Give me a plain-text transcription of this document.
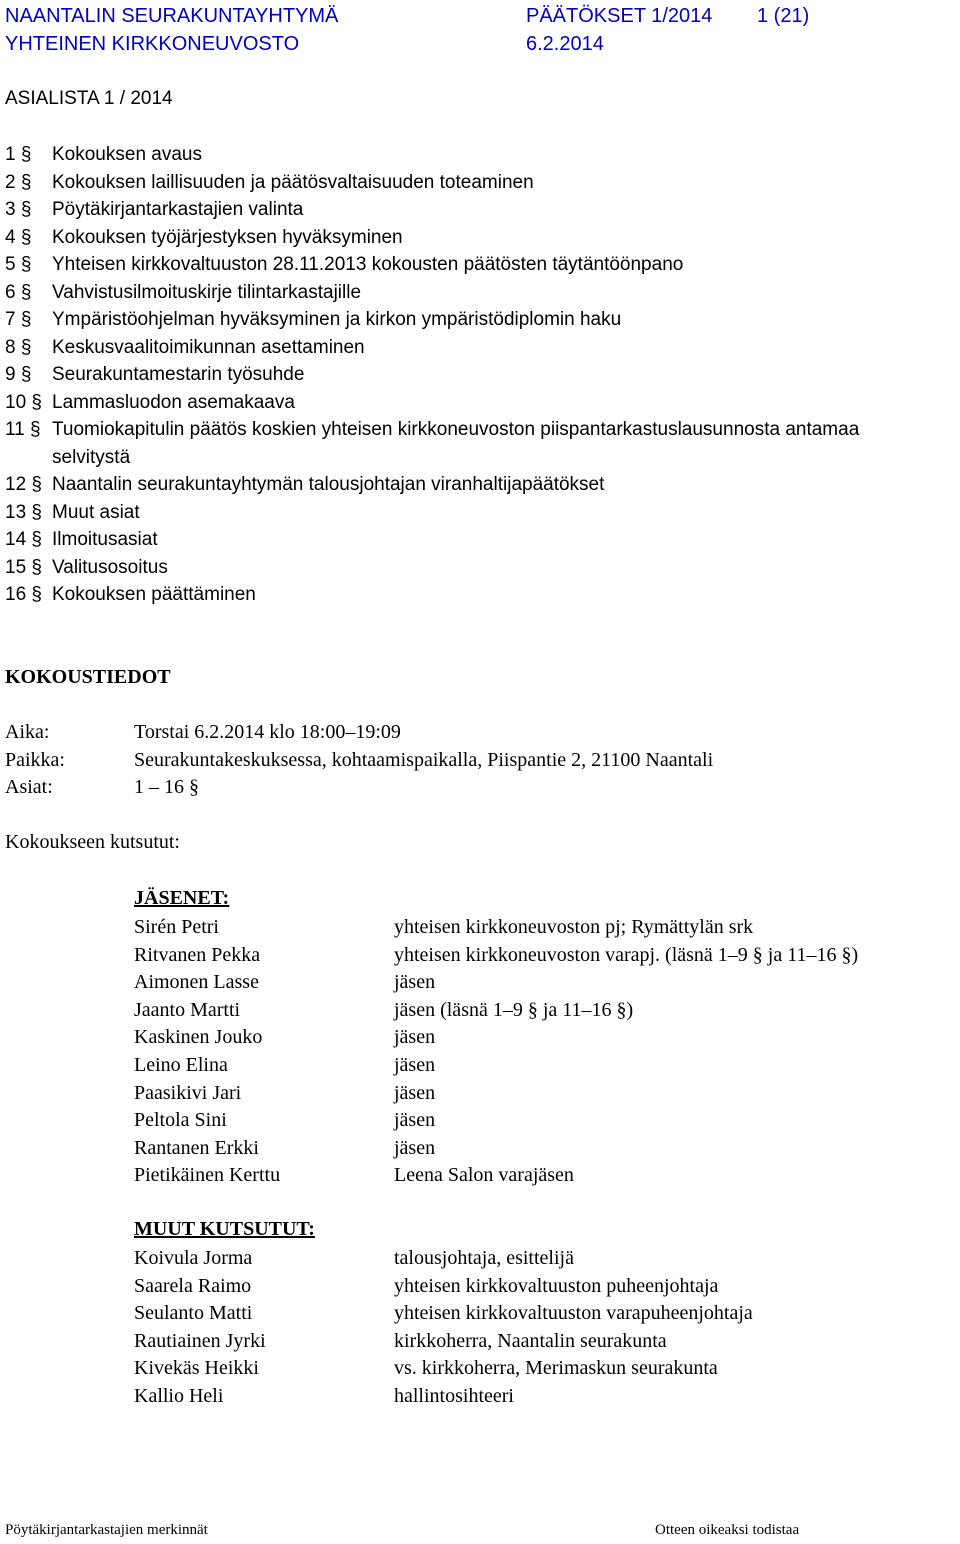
NAANTALIN SEURAKUNTAYHTYMÄ	PÄÄTÖKSET 1/2014 1 (21)
YHTEINEN KIRKKONEUVOSTO	6.2.2014
ASIALISTA 1 / 2014
1 § Kokouksen avaus
2 § Kokouksen laillisuuden ja päätösvaltaisuuden toteaminen
3 § Pöytäkirjantarkastajien valinta
4 § Kokouksen työjärjestyksen hyväksyminen
5 § Yhteisen kirkkovaltuuston 28.11.2013 kokousten päätösten täytäntöönpano
6 § Vahvistusilmoituskirje tilintarkastajille
7 § Ympäristöohjelman hyväksyminen ja kirkon ympäristödiplomin haku
8 § Keskusvaalitoimikunnan asettaminen
9 § Seurakuntamestarin työsuhde
10 § Lammasluodon asemakaava
11 § Tuomiokapitulin päätös koskien yhteisen kirkkoneuvoston piispantarkastuslausunnosta antamaa selvitystä
12 § Naantalin seurakuntayhtymän talousjohtajan viranhaltijapäätökset
13 § Muut asiat
14 § Ilmoitusasiat
15 § Valitusosoitus
16 § Kokouksen päättäminen
KOKOUSTIEDOT
Aika:	Torstai 6.2.2014 klo 18:00–19:09
Paikka:	Seurakuntakeskuksessa, kohtaamispaikalla, Piispantie 2, 21100 Naantali
Asiat:	1 – 16 §
Kokoukseen kutsutut:
JÄSENET:
Sirén Petri	yhteisen kirkkoneuvoston pj; Rymättylän srk
Ritvanen Pekka	yhteisen kirkkoneuvoston varapj. (läsnä 1–9 § ja 11–16 §)
Aimonen Lasse	jäsen
Jaanto Martti	jäsen (läsnä 1–9 § ja 11–16 §)
Kaskinen Jouko	jäsen
Leino Elina	jäsen
Paasikivi Jari	jäsen
Peltola Sini	jäsen
Rantanen Erkki	jäsen
Pietikäinen Kerttu	Leena Salon varajäsen
MUUT KUTSUTUT:
Koivula Jorma	talousjohtaja, esittelijä
Saarela Raimo	yhteisen kirkkovaltuuston puheenjohtaja
Seulanto Matti	yhteisen kirkkovaltuuston varapuheenjohtaja
Rautiainen Jyrki	kirkkoherra, Naantalin seurakunta
Kivekäs Heikki	vs. kirkkoherra, Merimaskun seurakunta
Kallio Heli	hallintosihteeri
Pöytäkirjantarkastajien merkinnät	Otteen oikeaksi todistaa
